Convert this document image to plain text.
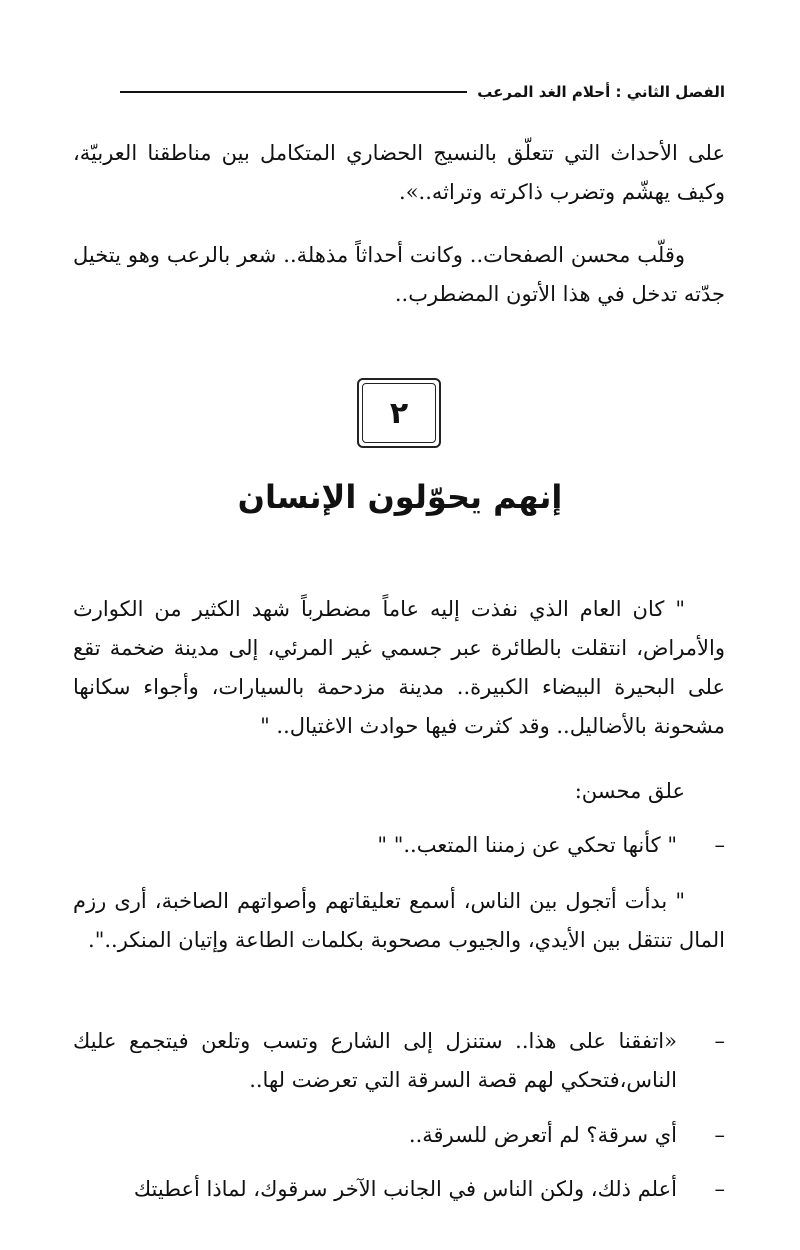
الفصل الثاني : أحلام الغد المرعب

على الأحداث التي تتعلّق بالنسيج الحضاري المتكامل بين مناطقنا العربيّة، وكيف يهشّم وتضرب ذاكرته وتراثه..».

وقلّب محسن الصفحات.. وكانت أحداثاً مذهلة.. شعر بالرعب وهو يتخيل جدّته تدخل في هذا الأتون المضطرب..

٢
إنهم يحوّلون الإنسان

" كان العام الذي نفذت إليه عاماً مضطرباً شهد الكثير من الكوارث والأمراض، انتقلت بالطائرة عبر جسمي غير المرئي، إلى مدينة ضخمة تقع على البحيرة البيضاء الكبيرة.. مدينة مزدحمة بالسيارات، وأجواء سكانها مشحونة بالأضاليل.. وقد كثرت فيها حوادث الاغتيال.. "

علق محسن:

–
" كأنها تحكي عن زمننا المتعب.." "

" بدأت أتجول بين الناس، أسمع تعليقاتهم وأصواتهم الصاخبة، أرى رزم المال تنتقل بين الأيدي، والجيوب مصحوبة بكلمات الطاعة وإتيان المنكر..".

–
«اتفقنا على هذا.. ستنزل إلى الشارع وتسب وتلعن فيتجمع عليك الناس،فتحكي لهم قصة السرقة التي تعرضت لها..
–
أي سرقة؟ لم أتعرض للسرقة..
–
أعلم ذلك، ولكن الناس في الجانب الآخر سرقوك، لماذا أعطيتك
